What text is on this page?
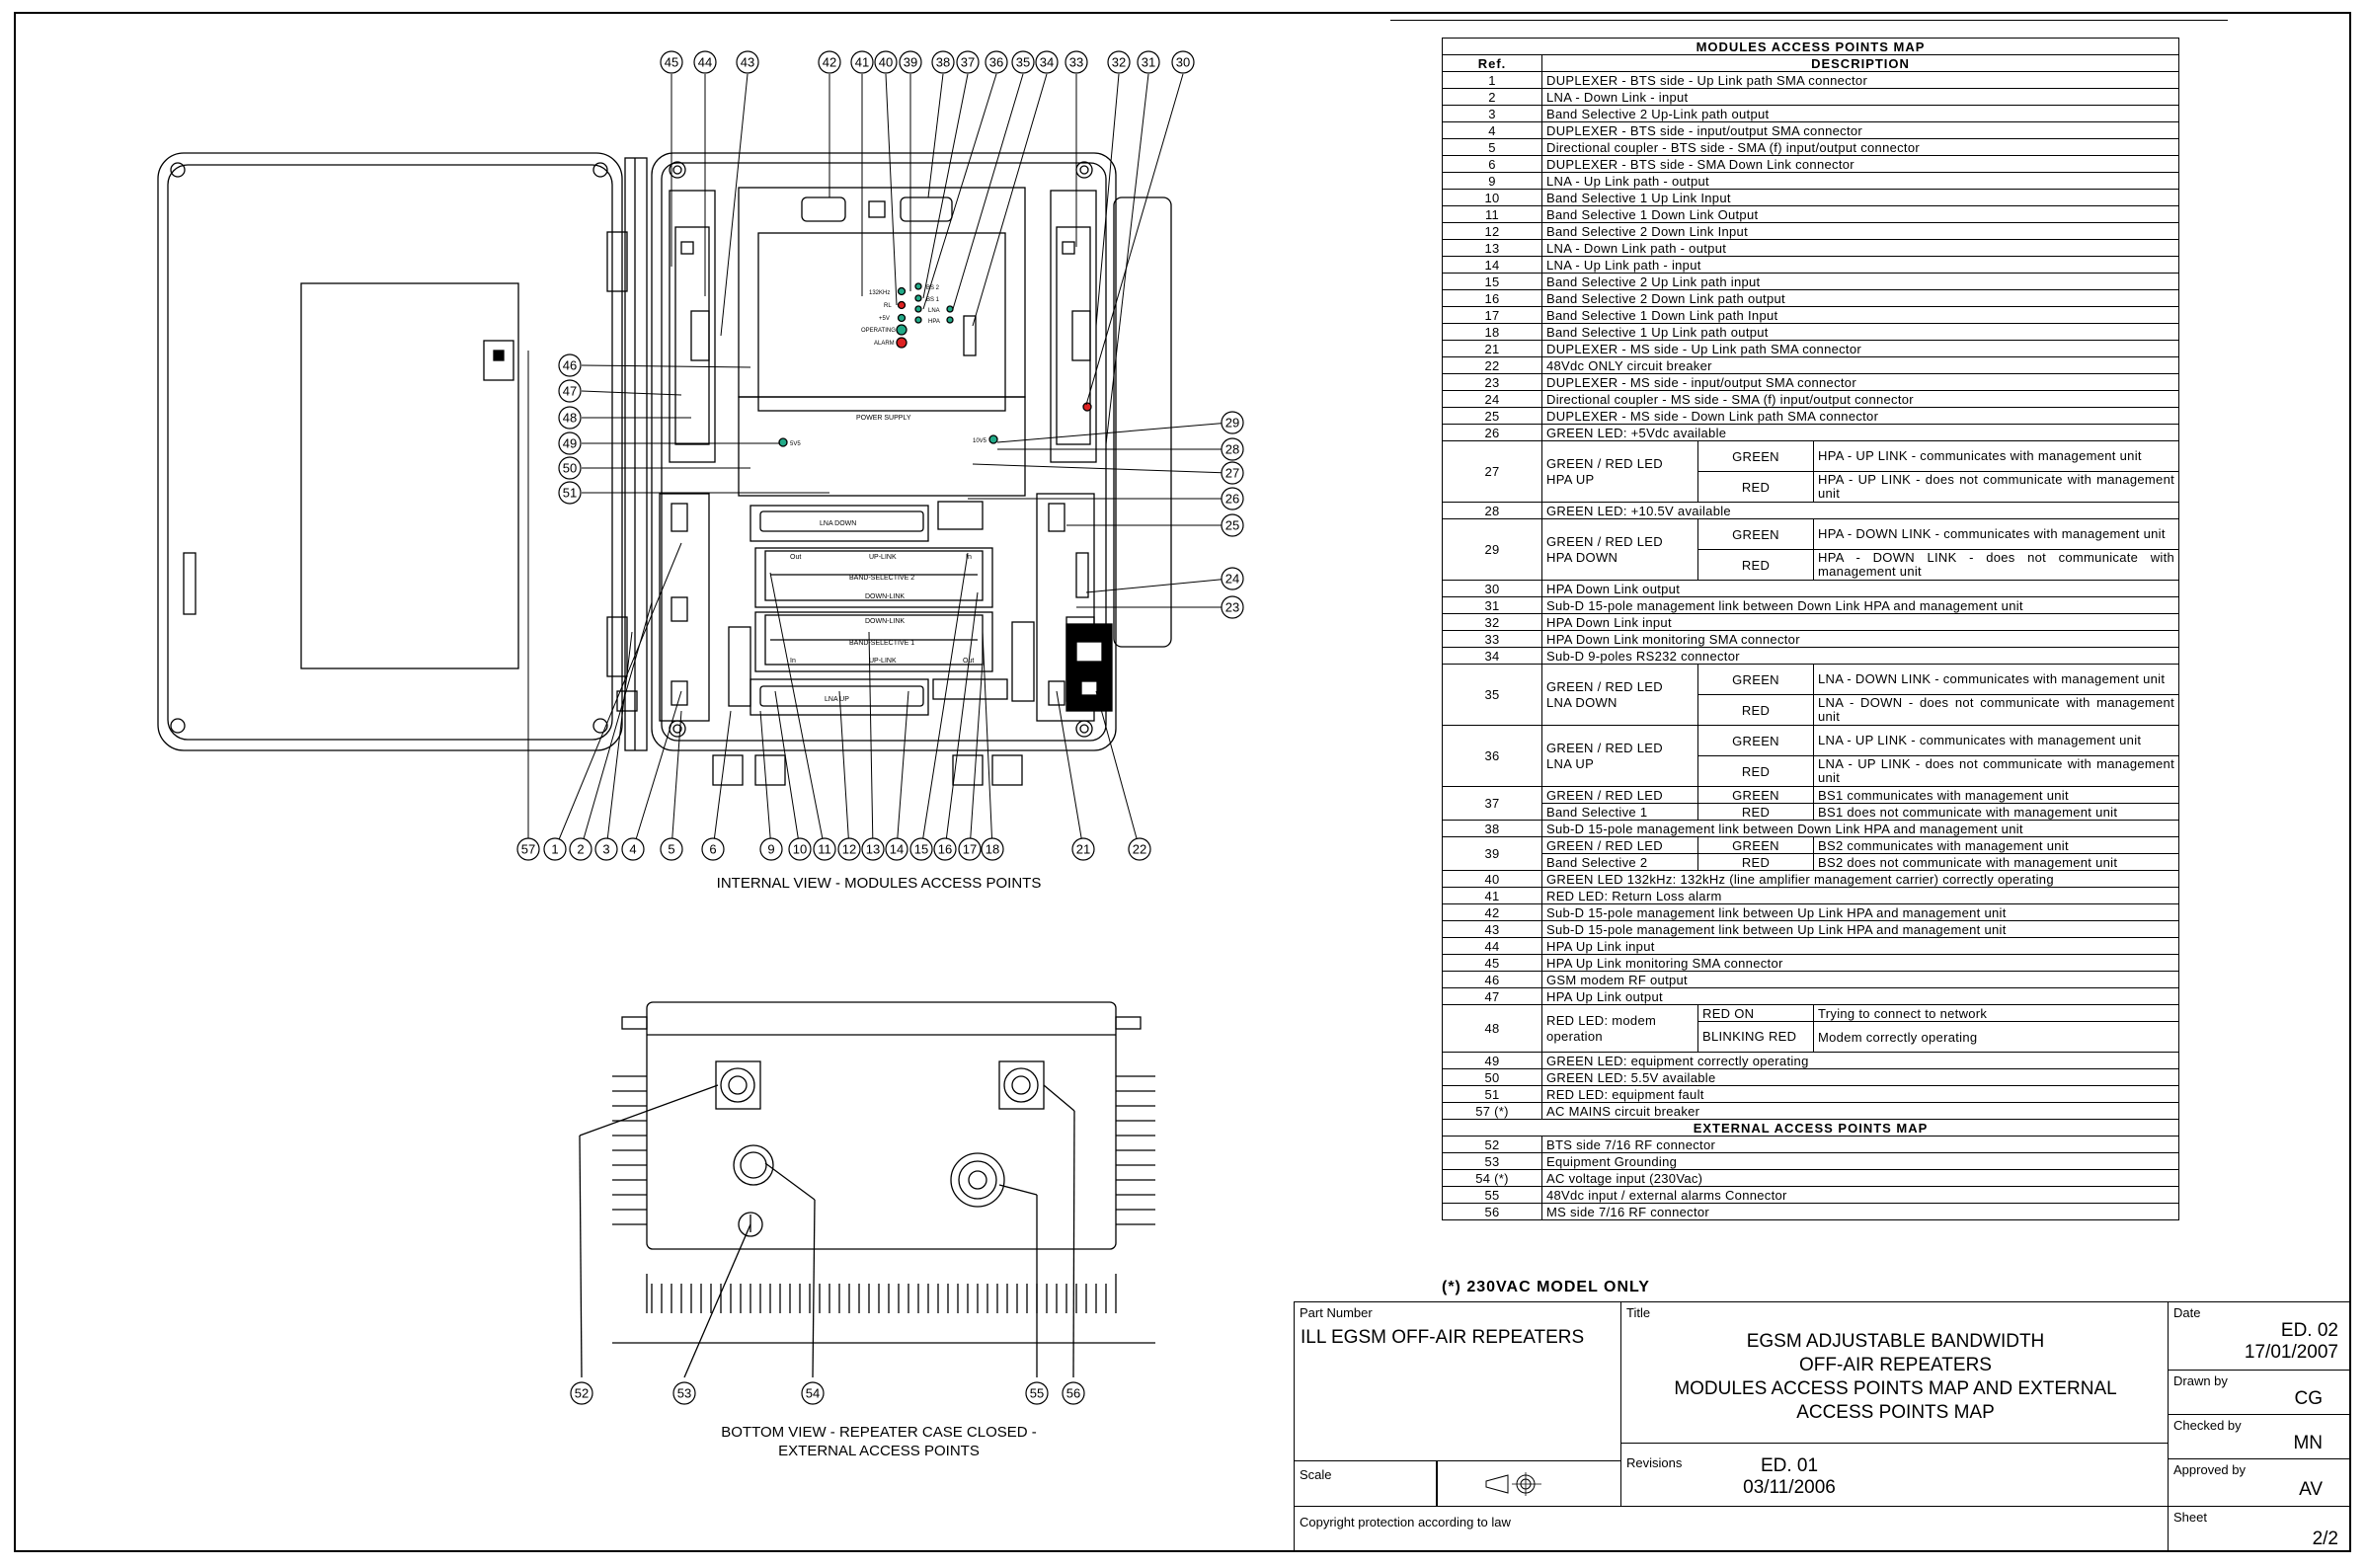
POWER SUPPLY
LNA DOWN
LNA UP
BAND-SELECTIVE 2
BAND-SELECTIVE 1
UP-LINK
DOWN-LINK
DOWN-LINK
UP-LINK
Out	In
In	Out
132KHz
RL
+5V
OPERATING
ALARM
BS 2
BS 1
LNA
HPA
5V5	10V5
45 44 43	42 41 40 39 38 37 36 35 34 33 32 31 30
46
47
48
49
50
51
29
28
27
26
25
24
23
57 1 2 3 4 5	6	9 10 11 12 13 14 15 16 17 18	21	22
52	53	54	55 56
INTERNAL VIEW - MODULES ACCESS POINTS
BOTTOM VIEW - REPEATER CASE CLOSED -
EXTERNAL ACCESS POINTS
MODULES ACCESS POINTS MAP			
Ref.	DESCRIPTION		
1	DUPLEXER - BTS side - Up Link path SMA connector		
2	LNA - Down Link - input		
3	Band Selective 2 Up-Link path output		
4	DUPLEXER - BTS side - input/output SMA connector		
5	Directional coupler - BTS side - SMA (f) input/output connector		
6	DUPLEXER - BTS side - SMA Down Link connector		
9	LNA - Up Link path - output		
10	Band Selective 1 Up Link Input		
11	Band Selective 1 Down Link Output		
12	Band Selective 2 Down Link Input		
13	LNA - Down Link path - output		
14	LNA - Up Link path - input		
15	Band Selective 2 Up Link path input		
16	Band Selective 2 Down Link path output		
17	Band Selective 1 Down Link path Input		
18	Band Selective 1 Up Link path output		
21	DUPLEXER - MS side - Up Link path SMA connector		
22	48Vdc ONLY circuit breaker		
23	DUPLEXER - MS side - input/output SMA connector		
24	Directional coupler - MS side - SMA (f) input/output connector		
25	DUPLEXER - MS side - Down Link path SMA connector		
26	GREEN LED: +5Vdc available		
27	GREEN / RED LED
HPA UP	GREEN	HPA - UP LINK - communicates with management unit
		RED	HPA - UP LINK - does not communicate with management unit
28	GREEN LED: +10.5V available		
29	GREEN / RED LED
HPA DOWN	GREEN	HPA - DOWN LINK - communicates with management unit
		RED	HPA - DOWN LINK - does not communicate with management unit
30	HPA Down Link output		
31	Sub-D 15-pole management link between Down Link HPA and management unit		
32	HPA Down Link input		
33	HPA Down Link monitoring SMA connector		
34	Sub-D 9-poles RS232 connector		
35	GREEN / RED LED
LNA DOWN	GREEN	LNA - DOWN LINK - communicates with management unit
		RED	LNA - DOWN - does not communicate with management unit
36	GREEN / RED LED
LNA UP	GREEN	LNA - UP LINK - communicates with management unit
		RED	LNA - UP LINK - does not communicate with management unit
37	GREEN / RED LED	GREEN	BS1 communicates with management unit
	Band Selective 1	RED	BS1 does not communicate with management unit
38	Sub-D 15-pole management link between Down Link HPA and management unit		
39	GREEN / RED LED	GREEN	BS2 communicates with management unit
	Band Selective 2	RED	BS2 does not communicate with management unit
40	GREEN LED 132kHz: 132kHz (line amplifier management carrier) correctly operating		
41	RED LED: Return Loss alarm		
42	Sub-D 15-pole management link between Up Link HPA and management unit		
43	Sub-D 15-pole management link between Up Link HPA and management unit		
44	HPA Up Link input		
45	HPA Up Link monitoring SMA connector		
46	GSM modem RF output		
47	HPA Up Link output		
48	RED LED: modem operation	RED ON	Trying to connect to network
		BLINKING RED	Modem correctly operating
49	GREEN LED: equipment correctly operating		
50	GREEN LED: 5.5V available		
51	RED LED: equipment fault		
57 (*)	AC MAINS circuit breaker		
EXTERNAL ACCESS POINTS MAP			
52	BTS side 7/16 RF connector		
53	Equipment Grounding		
54 (*)	AC voltage input (230Vac)		
55	48Vdc input / external alarms Connector		
56	MS side 7/16 RF connector		
(*) 230VAC MODEL ONLY
Part Number
ILL EGSM OFF-AIR REPEATERS
Title
EGSM ADJUSTABLE BANDWIDTH
OFF-AIR REPEATERS
MODULES ACCESS POINTS MAP AND EXTERNAL
ACCESS POINTS MAP
Date
ED. 02
17/01/2007
Drawn by
CG
Checked by
MN
Approved by
AV
Scale
Revisions	ED. 01
03/11/2006
Copyright protection according to law	Sheet
2/2
